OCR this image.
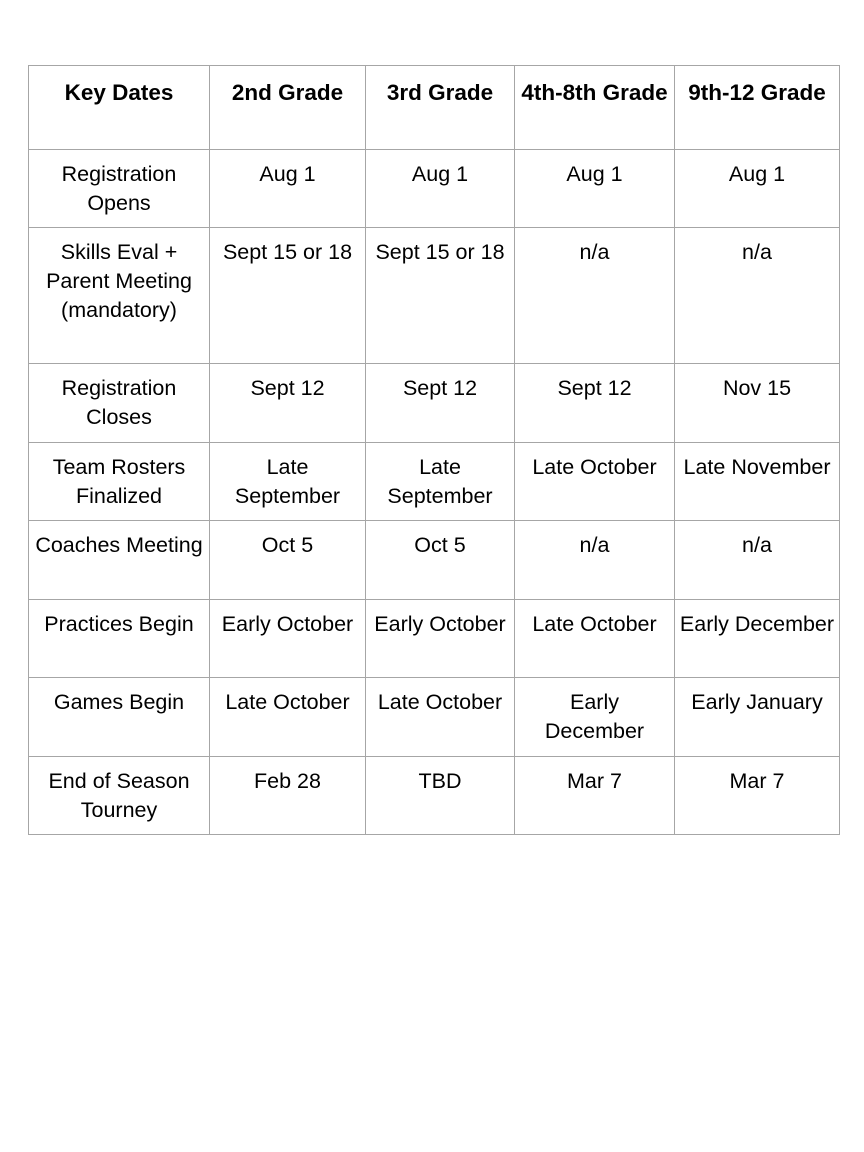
Key Dates	2nd Grade	3rd Grade	4th-8th Grade	9th-12 Grade
Registration Opens	Aug 1	Aug 1	Aug 1	Aug 1
Skills Eval + Parent Meeting (mandatory)	Sept 15 or 18	Sept 15 or 18	n/a	n/a
Registration Closes	Sept 12	Sept 12	Sept 12	Nov 15
Team Rosters Finalized	Late September	Late September	Late October	Late November
Coaches Meeting	Oct 5	Oct 5	n/a	n/a
Practices Begin	Early October	Early October	Late October	Early December
Games Begin	Late October	Late October	Early December	Early January
End of Season Tourney	Feb 28	TBD	Mar 7	Mar 7
